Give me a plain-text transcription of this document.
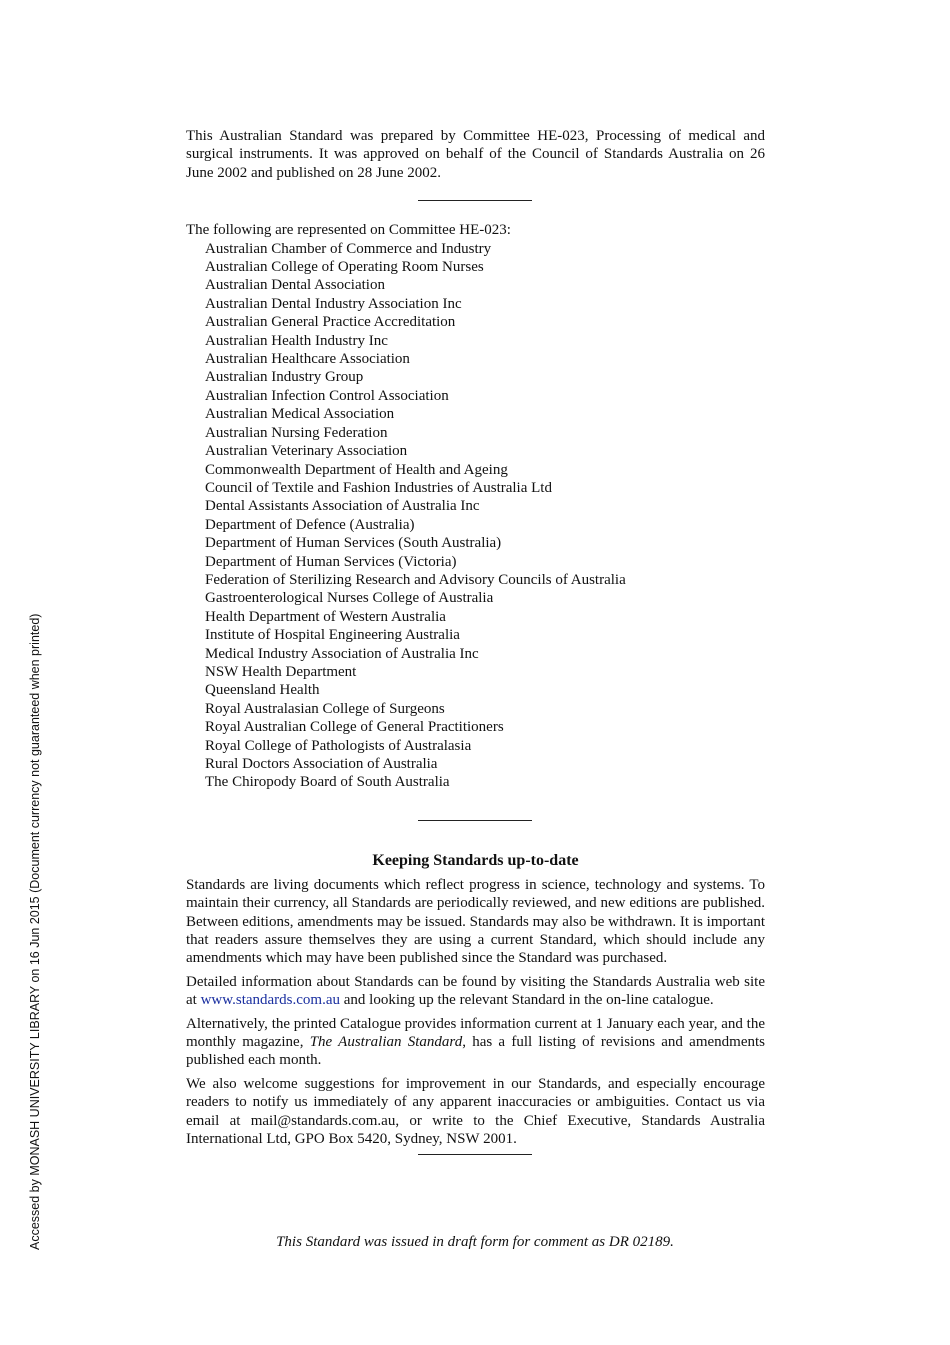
Accessed by MONASH UNIVERSITY LIBRARY on 16 Jun 2015 (Document currency not guaranteed when printed)

This Australian Standard was prepared by Committee HE-023, Processing of medical and surgical instruments. It was approved on behalf of the Council of Standards Australia on 26 June 2002 and published on 28 June 2002.

The following are represented on Committee HE-023:

Australian Chamber of Commerce and Industry
Australian College of Operating Room Nurses
Australian Dental Association
Australian Dental Industry Association Inc
Australian General Practice Accreditation
Australian Health Industry Inc
Australian Healthcare Association
Australian Industry Group
Australian Infection Control Association
Australian Medical Association
Australian Nursing Federation
Australian Veterinary Association
Commonwealth Department of Health and Ageing
Council of Textile and Fashion Industries of Australia Ltd
Dental Assistants Association of Australia Inc
Department of Defence (Australia)
Department of Human Services (South Australia)
Department of Human Services (Victoria)
Federation of Sterilizing Research and Advisory Councils of Australia
Gastroenterological Nurses College of Australia
Health Department of Western Australia
Institute of Hospital Engineering Australia
Medical Industry Association of Australia Inc
NSW Health Department
Queensland Health
Royal Australasian College of Surgeons
Royal Australian College of General Practitioners
Royal College of Pathologists of Australasia
Rural Doctors Association of Australia
The Chiropody Board of South Australia
Keeping Standards up-to-date

Standards are living documents which reflect progress in science, technology and systems. To maintain their currency, all Standards are periodically reviewed, and new editions are published. Between editions, amendments may be issued. Standards may also be withdrawn. It is important that readers assure themselves they are using a current Standard, which should include any amendments which may have been published since the Standard was purchased.

Detailed information about Standards can be found by visiting the Standards Australia web site at www.standards.com.au and looking up the relevant Standard in the on-line catalogue.

Alternatively, the printed Catalogue provides information current at 1 January each year, and the monthly magazine, The Australian Standard, has a full listing of revisions and amendments published each month.

We also welcome suggestions for improvement in our Standards, and especially encourage readers to notify us immediately of any apparent inaccuracies or ambiguities. Contact us via email at mail@standards.com.au, or write to the Chief Executive, Standards Australia International Ltd, GPO Box 5420, Sydney, NSW 2001.

This Standard was issued in draft form for comment as DR 02189.
